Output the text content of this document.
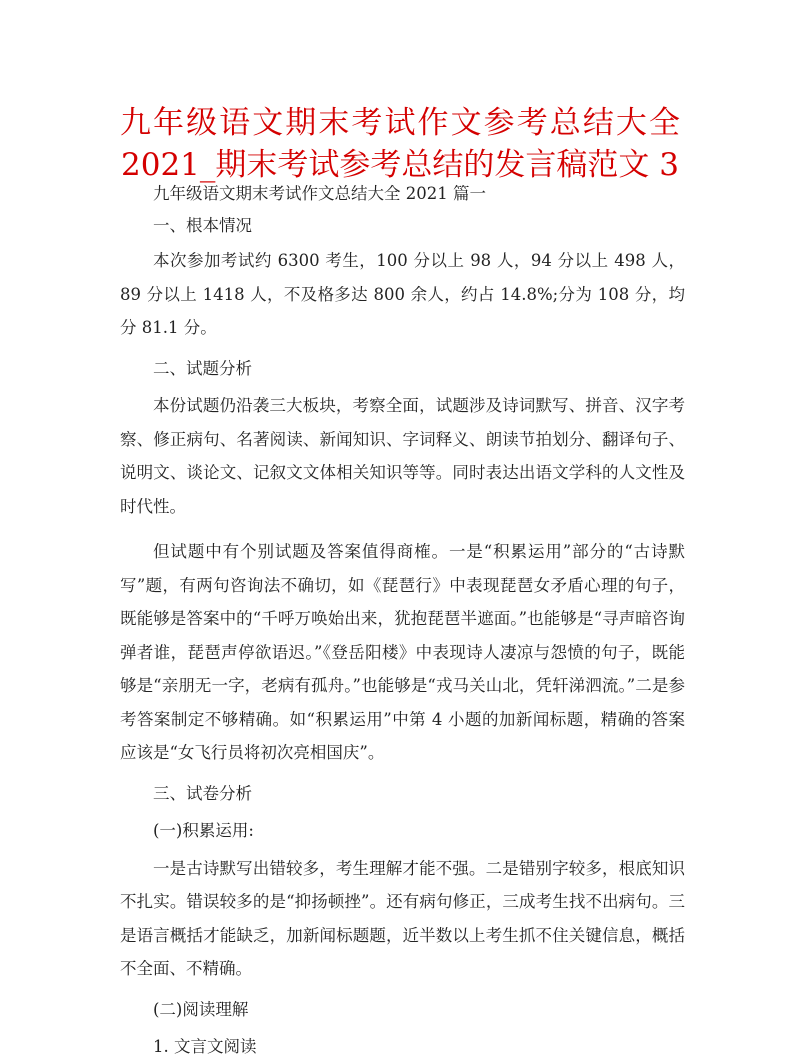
九年级语文期末考试作文参考总结大全 2021_期末考试参考总结的发言稿范文 3

九年级语文期末考试作文总结大全 2021 篇一

一、根本情况

本次参加考试约 6300 考生，100 分以上 98 人，94 分以上 498 人，89 分以上 1418 人，不及格多达 800 余人，约占 14.8%;分为 108 分，均分 81.1 分。

二、试题分析

本份试题仍沿袭三大板块，考察全面，试题涉及诗词默写、拼音、汉字考察、修正病句、名著阅读、新闻知识、字词释义、朗读节拍划分、翻译句子、说明文、谈论文、记叙文文体相关知识等等。同时表达出语文学科的人文性及时代性。

但试题中有个别试题及答案值得商榷。一是“积累运用”部分的“古诗默写”题，有两句咨询法不确切，如《琵琶行》中表现琵琶女矛盾心理的句子，既能够是答案中的“千呼万唤始出来，犹抱琵琶半遮面。”也能够是“寻声暗咨询弹者谁，琵琶声停欲语迟。”《登岳阳楼》中表现诗人凄凉与怨愤的句子，既能够是“亲朋无一字，老病有孤舟。”也能够是“戎马关山北，凭轩涕泗流。”二是参考答案制定不够精确。如“积累运用”中第 4 小题的加新闻标题，精确的答案应该是“女飞行员将初次亮相国庆”。

三、试卷分析

(一)积累运用:

一是古诗默写出错较多，考生理解才能不强。二是错别字较多，根底知识不扎实。错误较多的是“抑扬顿挫”。还有病句修正，三成考生找不出病句。三是语言概括才能缺乏，加新闻标题题，近半数以上考生抓不住关键信息，概括不全面、不精确。

(二)阅读理解

1. 文言文阅读
